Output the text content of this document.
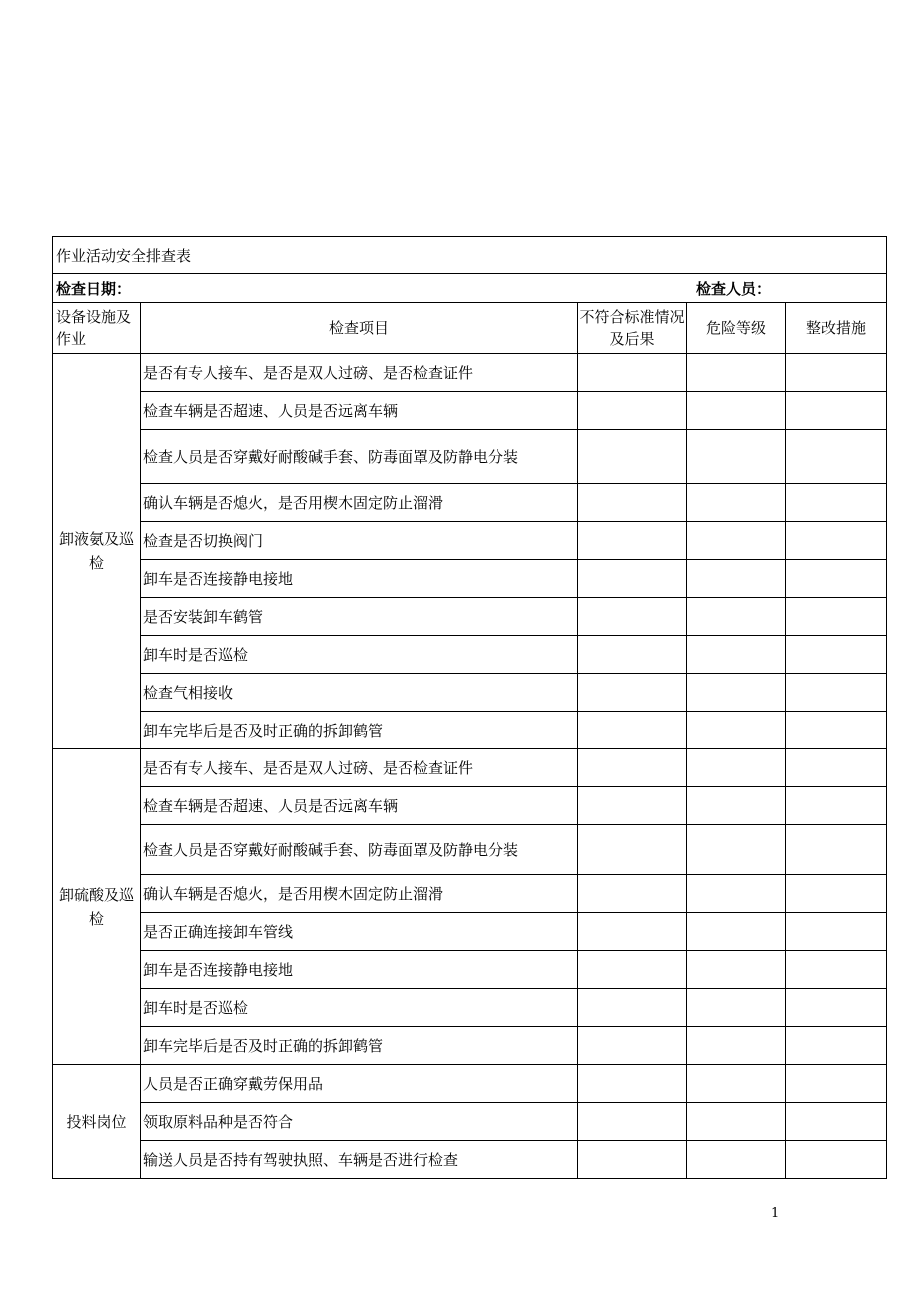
作业活动安全排查表				

检查日期： 检查人员：				

设备设施及作业	检查项目	不符合标准情况及后果	危险等级	整改措施
卸液氨及巡检	是否有专人接车、是否是双人过磅、是否检查证件			
	检查车辆是否超速、人员是否远离车辆			
	检查人员是否穿戴好耐酸碱手套、防毒面罩及防静电分装			
	确认车辆是否熄火，是否用楔木固定防止溜滑			
	检查是否切换阀门			
	卸车是否连接静电接地			
	是否安装卸车鹤管			
	卸车时是否巡检			
	检查气相接收			
	卸车完毕后是否及时正确的拆卸鹤管			
卸硫酸及巡检	是否有专人接车、是否是双人过磅、是否检查证件			
	检查车辆是否超速、人员是否远离车辆			
	检查人员是否穿戴好耐酸碱手套、防毒面罩及防静电分装			
	确认车辆是否熄火，是否用楔木固定防止溜滑			
	是否正确连接卸车管线			
	卸车是否连接静电接地			
	卸车时是否巡检			
	卸车完毕后是否及时正确的拆卸鹤管			
投料岗位	人员是否正确穿戴劳保用品			
	领取原料品种是否符合			
	输送人员是否持有驾驶执照、车辆是否进行检查			
1
